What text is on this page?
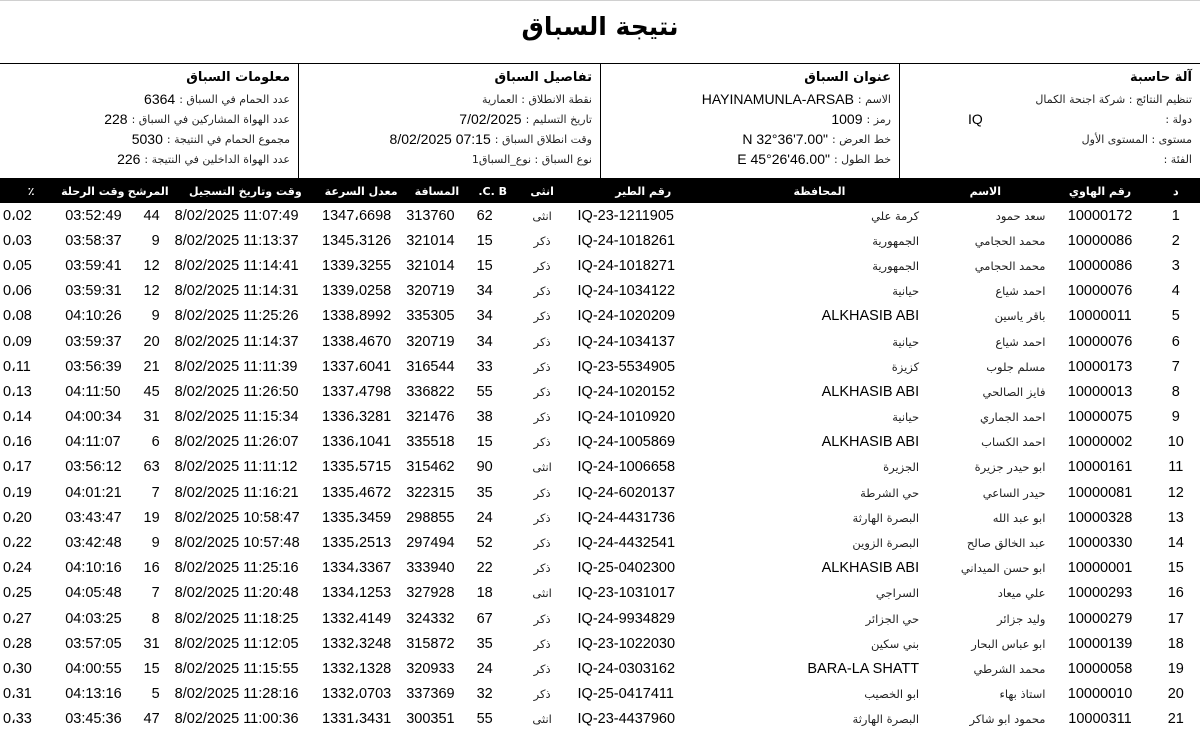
نتيجة السباق
آلة حاسبة
تنظيم النتائج : شركة اجنحة الكمال
دولة :
IQ
مستوى : المستوى الأول
الفئة :
عنوان السباق
الاسم :
HAYINAMUNLA-ARSAB
رمز :
1009
خط العرض :
N 32°36'7.00"
خط الطول :
E 45°26'46.00"
تفاصيل السباق
نقطة الانطلاق : العمارية
تاريخ التسليم :
7/02/2025
وقت انطلاق السباق :
8/02/2025 07:15
نوع السباق : نوع_السباق1
معلومات السباق
عدد الحمام في السباق :
6364
عدد الهواة المشاركين في السباق :
228
مجموع الحمام في النتيجة :
5030
عدد الهواة الداخلين في النتيجة :
226
د	رقم الهاوي	الاسم	المحافظة	رقم الطير	انثى	C. B.	المسافة	معدل السرعة	وقت وتاريخ التسجيل	المرشح	وقت الرحلة	٪
1	10000172	سعد حمود	كرمة علي	IQ-23-1211905	انثى	62	313760	1347،6698	8/02/2025 11:07:49	44	03:52:49	0،02
2	10000086	محمد الحجامي	الجمهورية	IQ-24-1018261	ذكر	15	321014	1345،3126	8/02/2025 11:13:37	9	03:58:37	0،03
3	10000086	محمد الحجامي	الجمهورية	IQ-24-1018271	ذكر	15	321014	1339،3255	8/02/2025 11:14:41	12	03:59:41	0،05
4	10000076	احمد شياع	حيانية	IQ-24-1034122	ذكر	34	320719	1339،0258	8/02/2025 11:14:31	12	03:59:31	0،06
5	10000011	باقر ياسين	ALKHASIB ABI	IQ-24-1020209	ذكر	34	335305	1338،8992	8/02/2025 11:25:26	9	04:10:26	0،08
6	10000076	احمد شياع	حيانية	IQ-24-1034137	ذكر	34	320719	1338،4670	8/02/2025 11:14:37	20	03:59:37	0،09
7	10000173	مسلم جلوب	كزيزة	IQ-23-5534905	ذكر	33	316544	1337،6041	8/02/2025 11:11:39	21	03:56:39	0،11
8	10000013	فايز الصالحي	ALKHASIB ABI	IQ-24-1020152	ذكر	55	336822	1337،4798	8/02/2025 11:26:50	45	04:11:50	0،13
9	10000075	احمد الجماري	حيانية	IQ-24-1010920	ذكر	38	321476	1336،3281	8/02/2025 11:15:34	31	04:00:34	0،14
10	10000002	احمد الكساب	ALKHASIB ABI	IQ-24-1005869	ذكر	15	335518	1336،1041	8/02/2025 11:26:07	6	04:11:07	0،16
11	10000161	ابو حيدر جزيرة	الجزيرة	IQ-24-1006658	انثى	90	315462	1335،5715	8/02/2025 11:11:12	63	03:56:12	0،17
12	10000081	حيدر الساعي	حي الشرطة	IQ-24-6020137	ذكر	35	322315	1335،4672	8/02/2025 11:16:21	7	04:01:21	0،19
13	10000328	ابو عبد الله	البصرة الهارثة	IQ-24-4431736	ذكر	24	298855	1335،3459	8/02/2025 10:58:47	19	03:43:47	0،20
14	10000330	عبد الخالق صالح	البصرة الزوين	IQ-24-4432541	ذكر	52	297494	1335،2513	8/02/2025 10:57:48	9	03:42:48	0،22
15	10000001	ابو حسن الميداني	ALKHASIB ABI	IQ-25-0402300	ذكر	22	333940	1334،3367	8/02/2025 11:25:16	16	04:10:16	0،24
16	10000293	علي ميعاد	السراجي	IQ-23-1031017	انثى	18	327928	1334،1253	8/02/2025 11:20:48	7	04:05:48	0،25
17	10000279	وليد جزائر	حي الجزائر	IQ-24-9934829	ذكر	67	324332	1332،4149	8/02/2025 11:18:25	8	04:03:25	0،27
18	10000139	ابو عباس البحار	بني سكين	IQ-23-1022030	ذكر	35	315872	1332،3248	8/02/2025 11:12:05	31	03:57:05	0،28
19	10000058	محمد الشرطي	BARA-LA SHATT	IQ-24-0303162	ذكر	24	320933	1332،1328	8/02/2025 11:15:55	15	04:00:55	0،30
20	10000010	استاذ بهاء	ابو الخصيب	IQ-25-0417411	ذكر	32	337369	1332،0703	8/02/2025 11:28:16	5	04:13:16	0،31
21	10000311	محمود ابو شاكر	البصرة الهارثة	IQ-23-4437960	انثى	55	300351	1331،3431	8/02/2025 11:00:36	47	03:45:36	0،33
